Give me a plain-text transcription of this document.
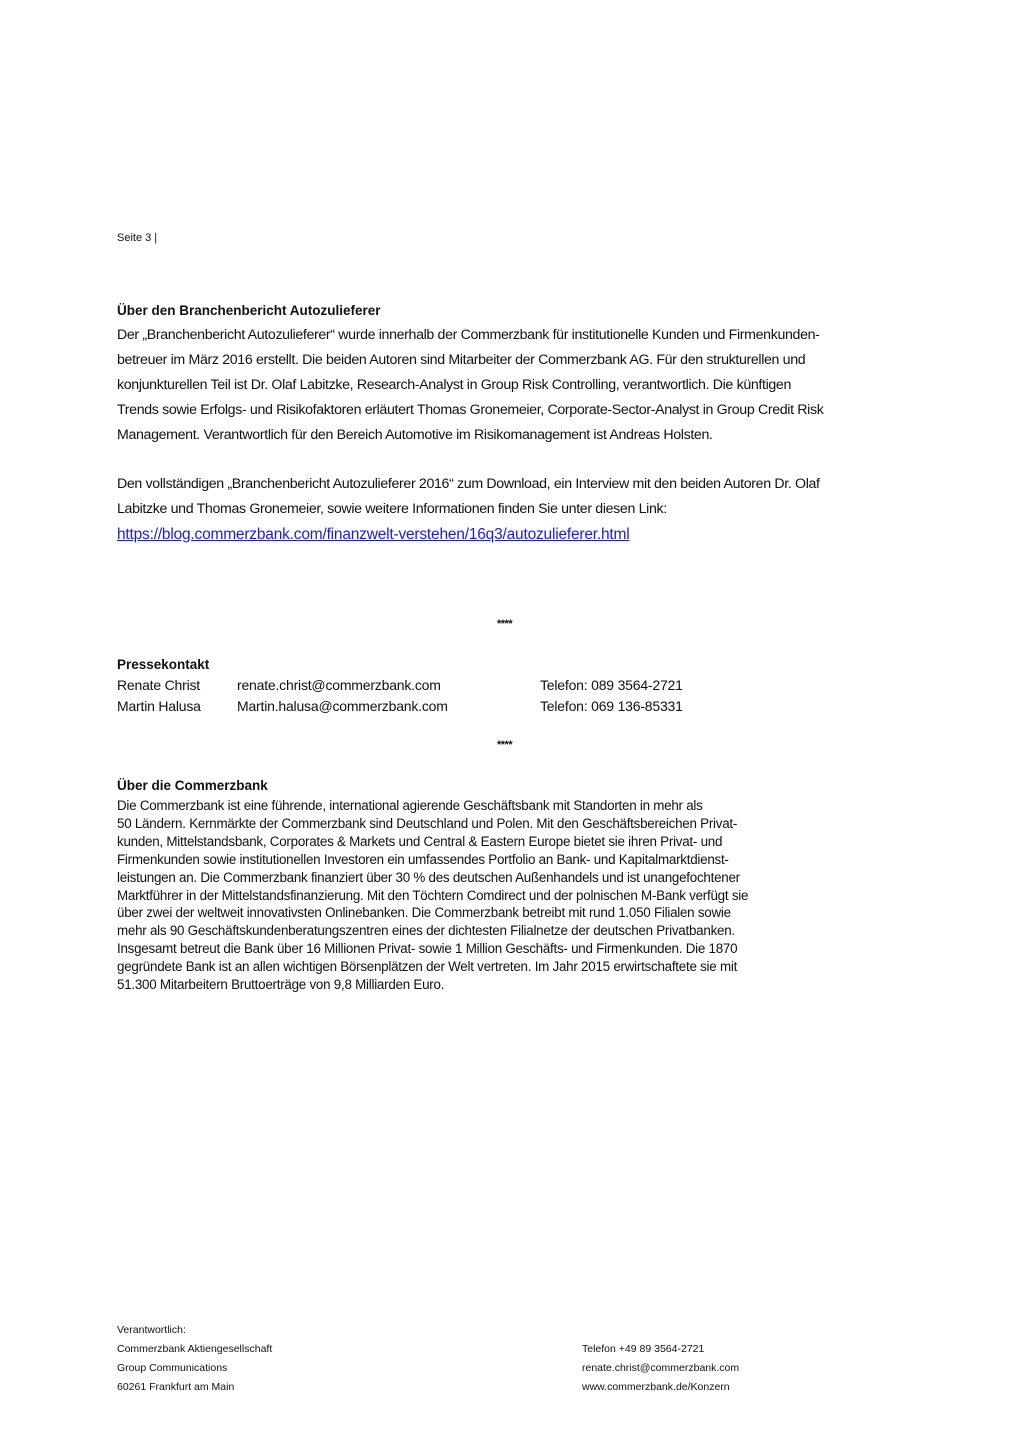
Seite 3 |
Über den Branchenbericht Autozulieferer

Der „Branchenbericht Autozulieferer“ wurde innerhalb der Commerzbank für institutionelle Kunden und Firmenkunden-

betreuer im März 2016 erstellt. Die beiden Autoren sind Mitarbeiter der Commerzbank AG. Für den strukturellen und

konjunkturellen Teil ist Dr. Olaf Labitzke, Research-Analyst in Group Risk Controlling, verantwortlich. Die künftigen

Trends sowie Erfolgs- und Risikofaktoren erläutert Thomas Gronemeier, Corporate-Sector-Analyst in Group Credit Risk

Management. Verantwortlich für den Bereich Automotive im Risikomanagement ist Andreas Holsten.

Den vollständigen „Branchenbericht Autozulieferer 2016“ zum Download, ein Interview mit den beiden Autoren Dr. Olaf

Labitzke und Thomas Gronemeier, sowie weitere Informationen finden Sie unter diesen Link:

https://blog.commerzbank.com/finanzwelt-verstehen/16q3/autozulieferer.html

****
Pressekontakt
Renate Christ	renate.christ@commerzbank.com	Telefon: 089 3564-2721
Martin Halusa	Martin.halusa@commerzbank.com	Telefon: 069 136-85331
****
Über die Commerzbank

Die Commerzbank ist eine führende, international agierende Geschäftsbank mit Standorten in mehr als

50 Ländern. Kernmärkte der Commerzbank sind Deutschland und Polen. Mit den Geschäftsbereichen Privat-

kunden, Mittelstandsbank, Corporates & Markets und Central & Eastern Europe bietet sie ihren Privat- und

Firmenkunden sowie institutionellen Investoren ein umfassendes Portfolio an Bank- und Kapitalmarktdienst-

leistungen an. Die Commerzbank finanziert über 30 % des deutschen Außenhandels und ist unangefochtener

Marktführer in der Mittelstandsfinanzierung. Mit den Töchtern Comdirect und der polnischen M-Bank verfügt sie

über zwei der weltweit innovativsten Onlinebanken. Die Commerzbank betreibt mit rund 1.050 Filialen sowie

mehr als 90 Geschäftskundenberatungszentren eines der dichtesten Filialnetze der deutschen Privatbanken.

Insgesamt betreut die Bank über 16 Millionen Privat- sowie 1 Million Geschäfts- und Firmenkunden. Die 1870

gegründete Bank ist an allen wichtigen Börsenplätzen der Welt vertreten. Im Jahr 2015 erwirtschaftete sie mit

51.300 Mitarbeitern Bruttoerträge von 9,8 Milliarden Euro.

Verantwortlich:

Commerzbank Aktiengesellschaft

Group Communications

60261 Frankfurt am Main

Telefon +49 89 3564-2721

renate.christ@commerzbank.com

www.commerzbank.de/Konzern
